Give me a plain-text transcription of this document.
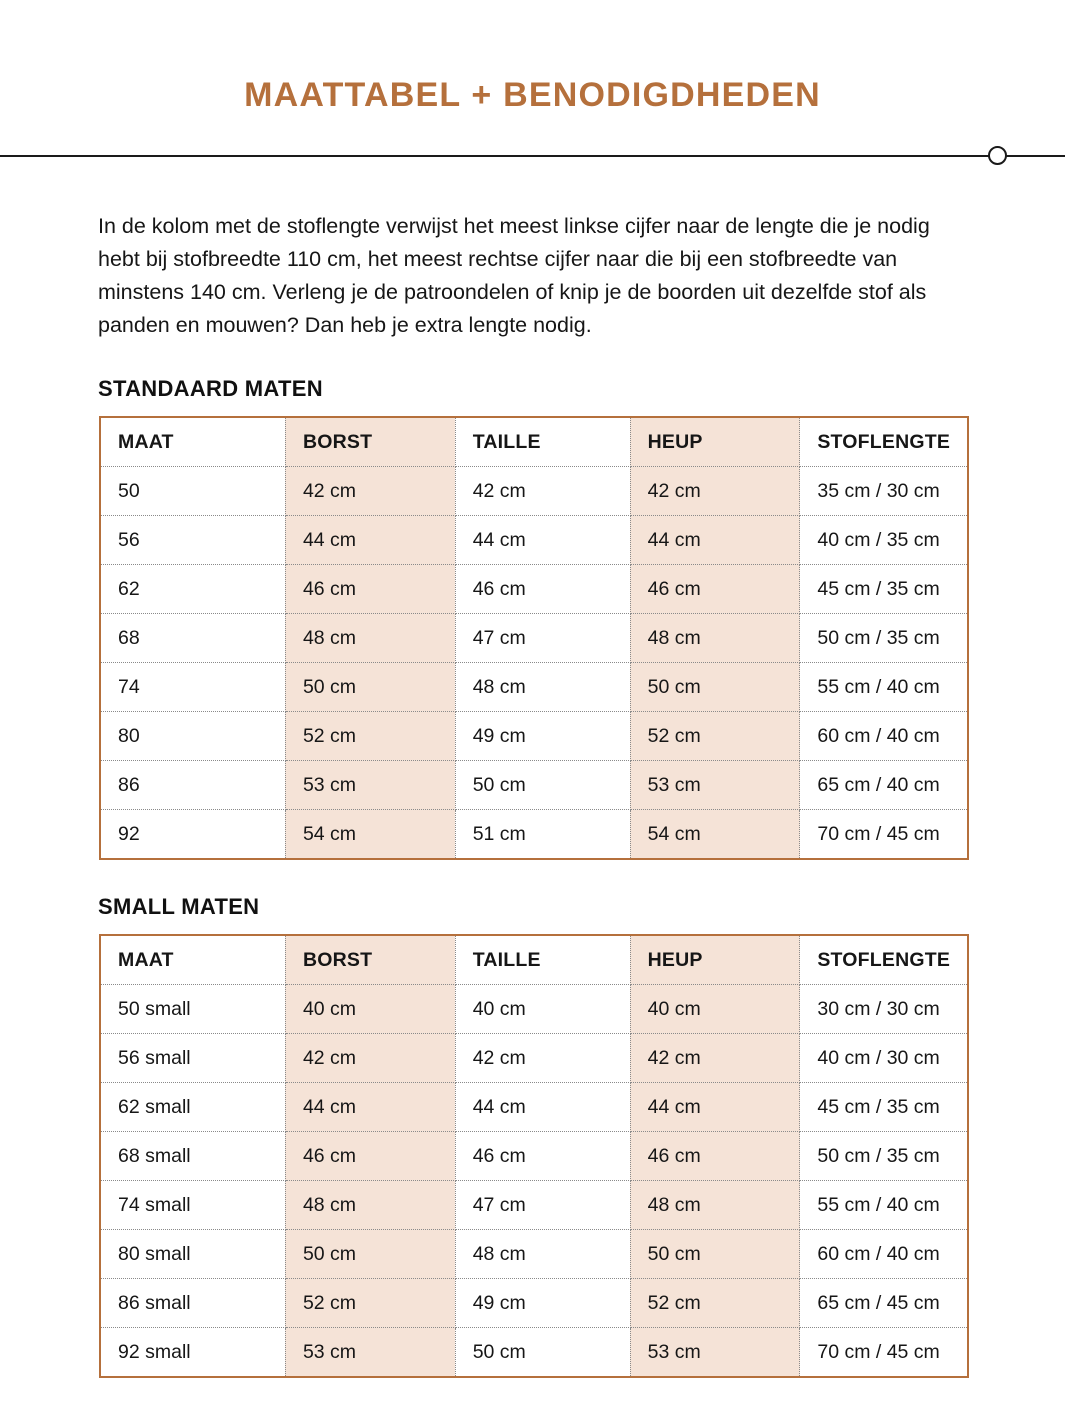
MAATTABEL + BENODIGDHEDEN

In de kolom met de stoflengte verwijst het meest linkse cijfer naar de lengte die je nodig hebt bij stofbreedte 110 cm, het meest rechtse cijfer naar die bij een stofbreedte van minstens 140 cm. Verleng je de patroondelen of knip je de boorden uit dezelfde stof als panden en mouwen? Dan heb je extra lengte nodig.

STANDAARD MATEN
MAAT	BORST	TAILLE	HEUP	STOFLENGTE
50	42 cm	42 cm	42 cm	35 cm / 30 cm
56	44 cm	44 cm	44 cm	40 cm / 35 cm
62	46 cm	46 cm	46 cm	45 cm / 35 cm
68	48 cm	47 cm	48 cm	50 cm / 35 cm
74	50 cm	48 cm	50 cm	55 cm / 40 cm
80	52 cm	49 cm	52 cm	60 cm / 40 cm
86	53 cm	50 cm	53 cm	65 cm / 40 cm
92	54 cm	51 cm	54 cm	70 cm / 45 cm
SMALL MATEN
MAAT	BORST	TAILLE	HEUP	STOFLENGTE
50 small	40 cm	40 cm	40 cm	30 cm / 30 cm
56 small	42 cm	42 cm	42 cm	40 cm / 30 cm
62 small	44 cm	44 cm	44 cm	45 cm / 35 cm
68 small	46 cm	46 cm	46 cm	50 cm / 35 cm
74 small	48 cm	47 cm	48 cm	55 cm / 40 cm
80 small	50 cm	48 cm	50 cm	60 cm / 40 cm
86 small	52 cm	49 cm	52 cm	65 cm / 45 cm
92 small	53 cm	50 cm	53 cm	70 cm / 45 cm
